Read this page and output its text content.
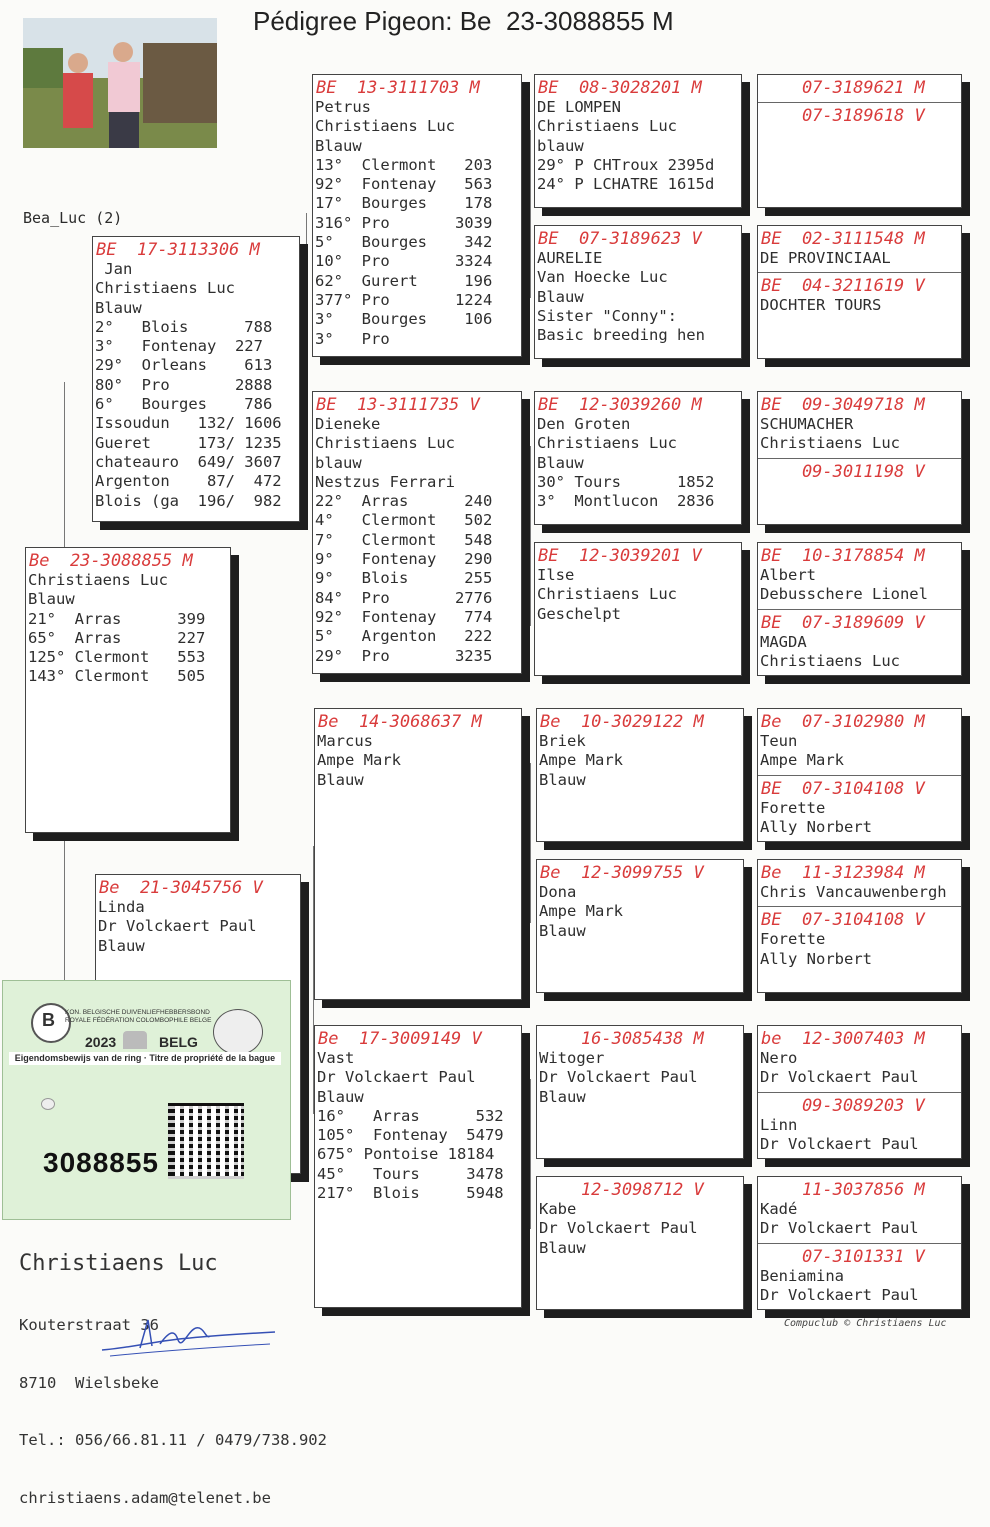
Pédigree Pigeon: Be  23-3088855 M
Bea_Luc (2)
Be  23-3088855 M
Christiaens Luc
Blauw
21°  Arras      399
65°  Arras      227
125° Clermont   553
143° Clermont   505
BE  17-3113306 M
Jan
Christiaens Luc
Blauw
2°   Blois      788
3°   Fontenay  227
29°  Orleans    613
80°  Pro       2888
6°   Bourges    786
Issoudun   132/ 1606
Gueret     173/ 1235
chateauro  649/ 3607
Argenton    87/  472
Blois (ga  196/  982
Be  21-3045756 V
Linda
Dr Volckaert Paul
Blauw
BE  13-3111703 M
Petrus
Christiaens Luc
Blauw
13°  Clermont   203
92°  Fontenay   563
17°  Bourges    178
316° Pro       3039
5°   Bourges    342
10°  Pro       3324
62°  Gurert     196
377° Pro       1224
3°   Bourges    106
3°   Pro
BE  13-3111735 V
Dieneke
Christiaens Luc
blauw
Nestzus Ferrari
22°  Arras      240
4°   Clermont   502
7°   Clermont   548
9°   Fontenay   290
9°   Blois      255
84°  Pro       2776
92°  Fontenay   774
5°   Argenton   222
29°  Pro       3235
Be  14-3068637 M
Marcus
Ampe Mark
Blauw
Be  17-3009149 V
Vast
Dr Volckaert Paul
Blauw
16°   Arras      532
105°  Fontenay  5479
675° Pontoise 18184
45°   Tours     3478
217°  Blois     5948
BE  08-3028201 M
DE LOMPEN
Christiaens Luc
blauw
29° P CHTroux 2395d
24° P LCHATRE 1615d
BE  07-3189623 V
AURELIE
Van Hoecke Luc
Blauw
Sister "Conny":
Basic breeding hen
BE  12-3039260 M
Den Groten
Christiaens Luc
Blauw
30° Tours      1852
3°  Montlucon  2836
BE  12-3039201 V
Ilse
Christiaens Luc
Geschelpt
Be  10-3029122 M
Briek
Ampe Mark
Blauw
Be  12-3099755 V
Dona
Ampe Mark
Blauw
16-3085438 M
Witoger
Dr Volckaert Paul
Blauw
12-3098712 V
Kabe
Dr Volckaert Paul
Blauw
07-3189621 M
07-3189618 V
BE  02-3111548 M
DE PROVINCIAAL
BE  04-3211619 V
DOCHTER TOURS
BE  09-3049718 M
SCHUMACHER
Christiaens Luc
09-3011198 V
BE  10-3178854 M
Albert
Debusschere Lionel
BE  07-3189609 V
MAGDA
Christiaens Luc
Be  07-3102980 M
Teun
Ampe Mark
BE  07-3104108 V
Forette
Ally Norbert
Be  11-3123984 M
Chris Vancauwenbergh
BE  07-3104108 V
Forette
Ally Norbert
be  12-3007403 M
Nero
Dr Volckaert Paul
09-3089203 V
Linn
Dr Volckaert Paul
11-3037856 M
Kadé
Dr Volckaert Paul
07-3101331 V
Beniamina
Dr Volckaert Paul

Christiaens Luc

Kouterstraat 36

8710  Wielsbeke

Tel.: 056/66.81.11 / 0479/738.902

christiaens.adam@telenet.be

B KON. BELGISCHE DUIVENLIEFHEBBERSBOND
ROYALE FÉDÉRATION COLOMBOPHILE BELGE
2023	BELG
Eigendomsbewijs van de ring · Titre de propriété de la bague
3088855
Compuclub © Christiaens Luc
